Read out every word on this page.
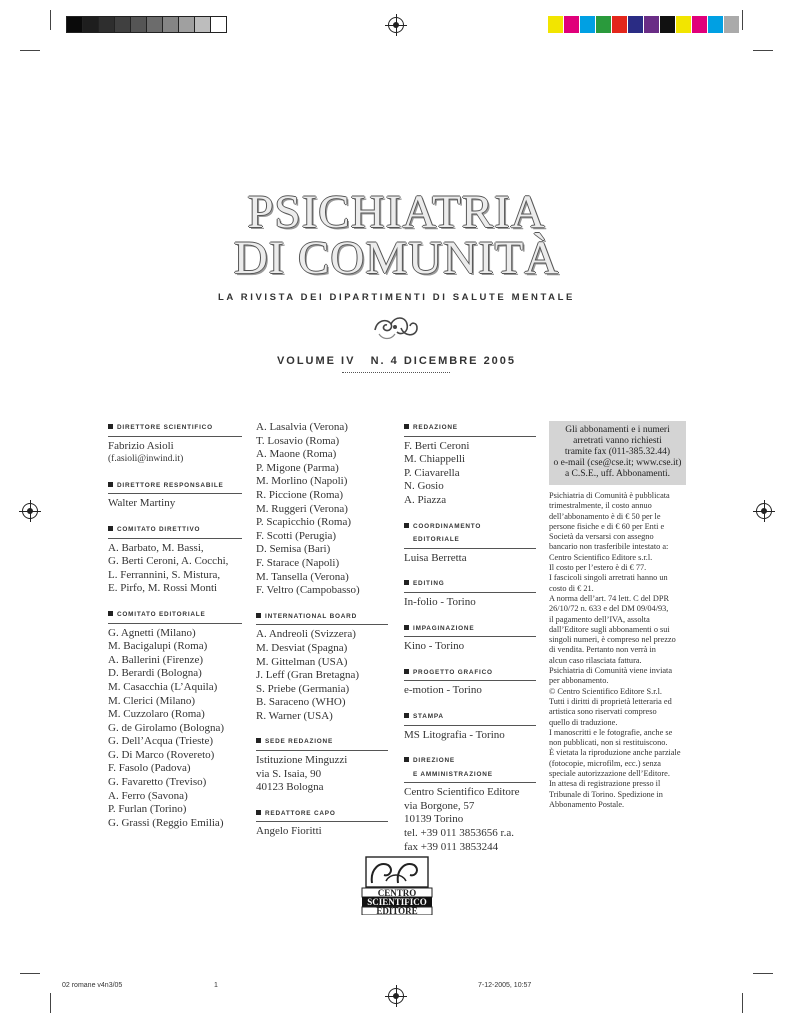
PSICHIATRIA
DI COMUNITÀ
LA RIVISTA DEI DIPARTIMENTI DI SALUTE MENTALE
VOLUME IV   N. 4 DICEMBRE 2005
DIRETTORE SCIENTIFICO
Fabrizio Asioli
(f.asioli@inwind.it)
DIRETTORE RESPONSABILE
Walter Martiny
COMITATO DIRETTIVO
A. Barbato, M. Bassi,
G. Berti Ceroni, A. Cocchi,
L. Ferrannini, S. Mistura,
E. Pirfo, M. Rossi Monti
COMITATO EDITORIALE
G. Agnetti (Milano)
M. Bacigalupi (Roma)
A. Ballerini (Firenze)
D. Berardi (Bologna)
M. Casacchia (L’Aquila)
M. Clerici (Milano)
M. Cuzzolaro (Roma)
G. de Girolamo (Bologna)
G. Dell’Acqua (Trieste)
G. Di Marco (Rovereto)
F. Fasolo (Padova)
G. Favaretto (Treviso)
A. Ferro (Savona)
P. Furlan (Torino)
G. Grassi (Reggio Emilia)
A. Lasalvia (Verona)
T. Losavio (Roma)
A. Maone (Roma)
P. Migone (Parma)
M. Morlino (Napoli)
R. Piccione (Roma)
M. Ruggeri (Verona)
P. Scapicchio (Roma)
F. Scotti (Perugia)
D. Semisa (Bari)
F. Starace (Napoli)
M. Tansella (Verona)
F. Veltro (Campobasso)
INTERNATIONAL BOARD
A. Andreoli (Svizzera)
M. Desviat (Spagna)
M. Gittelman (USA)
J. Leff (Gran Bretagna)
S. Priebe (Germania)
B. Saraceno (WHO)
R. Warner (USA)
SEDE REDAZIONE
Istituzione Minguzzi
via S. Isaia, 90
40123 Bologna
REDATTORE CAPO
Angelo Fioritti
REDAZIONE
F. Berti Ceroni
M. Chiappelli
P. Ciavarella
N. Gosio
A. Piazza
COORDINAMENTO
EDITORIALE
Luisa Berretta
EDITING
In-folio - Torino
IMPAGINAZIONE
Kino - Torino
PROGETTO GRAFICO
e-motion - Torino
STAMPA
MS Litografia - Torino
DIREZIONE
E AMMINISTRAZIONE
Centro Scientifico Editore
via Borgone, 57
10139 Torino
tel. +39 011 3853656 r.a.
fax +39 011 3853244
Gli abbonamenti e i numeri
arretrati vanno richiesti
tramite fax (011-385.32.44)
o e-mail (cse@cse.it; www.cse.it)
a C.S.E., uff. Abbonamenti.
Psichiatria di Comunità è pubblicata
trimestralmente, il costo annuo
dell’abbonamento è di € 50 per le
persone fisiche e di € 60 per Enti e
Società da versarsi con assegno
bancario non trasferibile intestato a:
Centro Scientifico Editore s.r.l.
Il costo per l’estero è di € 77.
I fascicoli singoli arretrati hanno un
costo di € 21.
A norma dell’art. 74 lett. C del DPR
26/10/72 n. 633 e del DM 09/04/93,
il pagamento dell’IVA, assolta
dall’Editore sugli abbonamenti o sui
singoli numeri, è compreso nel prezzo
di vendita. Pertanto non verrà in
alcun caso rilasciata fattura.
Psichiatria di Comunità viene inviata
per abbonamento.
© Centro Scientifico Editore S.r.l.
Tutti i diritti di proprietà letteraria ed
artistica sono riservati compreso
quello di traduzione.
I manoscritti e le fotografie, anche se
non pubblicati, non si restituiscono.
È vietata la riproduzione anche parziale
(fotocopie, microfilm, ecc.) senza
speciale autorizzazione dell’Editore.
In attesa di registrazione presso il
Tribunale di Torino. Spedizione in
Abbonamento Postale.
CENTRO
SCIENTIFICO
EDITORE
02 romane v4n3/05	1	7-12-2005, 10:57
